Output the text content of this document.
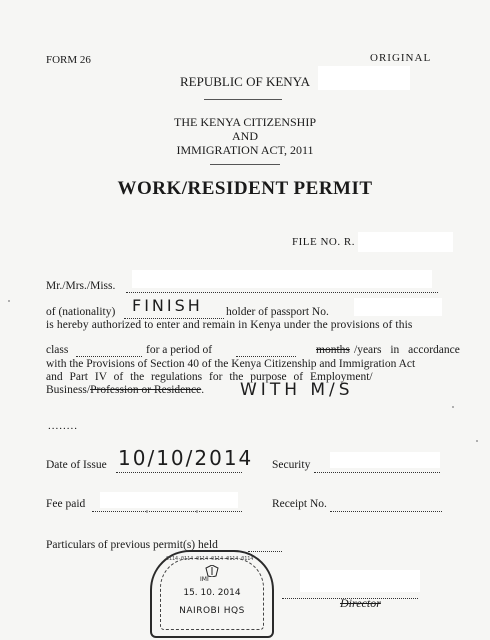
FORM 26	ORIGINAL
REPUBLIC OF KENYA
THE KENYA CITIZENSHIP
AND
IMMIGRATION ACT, 2011
WORK/RESIDENT PERMIT
FILE NO. R.
Mr./Mrs./Miss.
of (nationality) FINISH holder of passport No.
is hereby authorized to enter and remain in Kenya under the provisions of this
class	for a period of	months /years in accordance
with the Provisions of Section 40 of the Kenya Citizenship and Immigration Act
and Part IV of the regulations for the purpose of Employment/
Business/Profession or Residence. WITH M/S
........
Date of Issue 10/10/2014 Security
Fee paid	Receipt No.
Particulars of previous permit(s) held
0114-0114-0114-0114-0114-0114
IMI
15. 10. 2014
NAIROBI HQS
Director
